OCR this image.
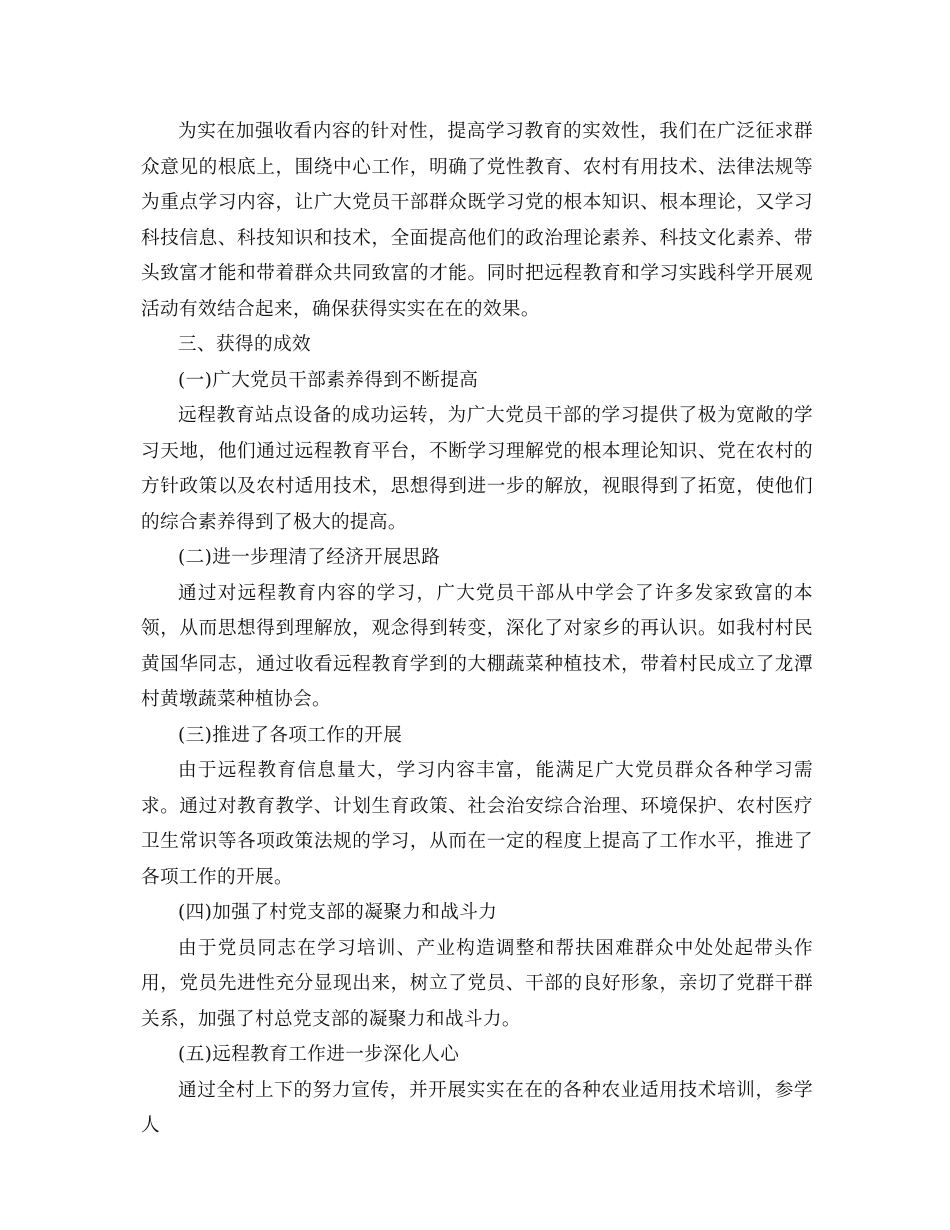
为实在加强收看内容的针对性，提高学习教育的实效性，我们在广泛征求群众意见的根底上，围绕中心工作，明确了党性教育、农村有用技术、法律法规等为重点学习内容，让广大党员干部群众既学习党的根本知识、根本理论，又学习科技信息、科技知识和技术，全面提高他们的政治理论素养、科技文化素养、带头致富才能和带着群众共同致富的才能。同时把远程教育和学习实践科学开展观活动有效结合起来，确保获得实实在在的效果。

三、获得的成效

(一)广大党员干部素养得到不断提高

远程教育站点设备的成功运转，为广大党员干部的学习提供了极为宽敞的学习天地，他们通过远程教育平台，不断学习理解党的根本理论知识、党在农村的方针政策以及农村适用技术，思想得到进一步的解放，视眼得到了拓宽，使他们的综合素养得到了极大的提高。

(二)进一步理清了经济开展思路

通过对远程教育内容的学习，广大党员干部从中学会了许多发家致富的本领，从而思想得到理解放，观念得到转变，深化了对家乡的再认识。如我村村民黄国华同志，通过收看远程教育学到的大棚蔬菜种植技术，带着村民成立了龙潭村黄墩蔬菜种植协会。

(三)推进了各项工作的开展

由于远程教育信息量大，学习内容丰富，能满足广大党员群众各种学习需求。通过对教育教学、计划生育政策、社会治安综合治理、环境保护、农村医疗卫生常识等各项政策法规的学习，从而在一定的程度上提高了工作水平，推进了各项工作的开展。

(四)加强了村党支部的凝聚力和战斗力

由于党员同志在学习培训、产业构造调整和帮扶困难群众中处处起带头作用，党员先进性充分显现出来，树立了党员、干部的良好形象，亲切了党群干群关系，加强了村总党支部的凝聚力和战斗力。

(五)远程教育工作进一步深化人心

通过全村上下的努力宣传，并开展实实在在的各种农业适用技术培训，参学人
